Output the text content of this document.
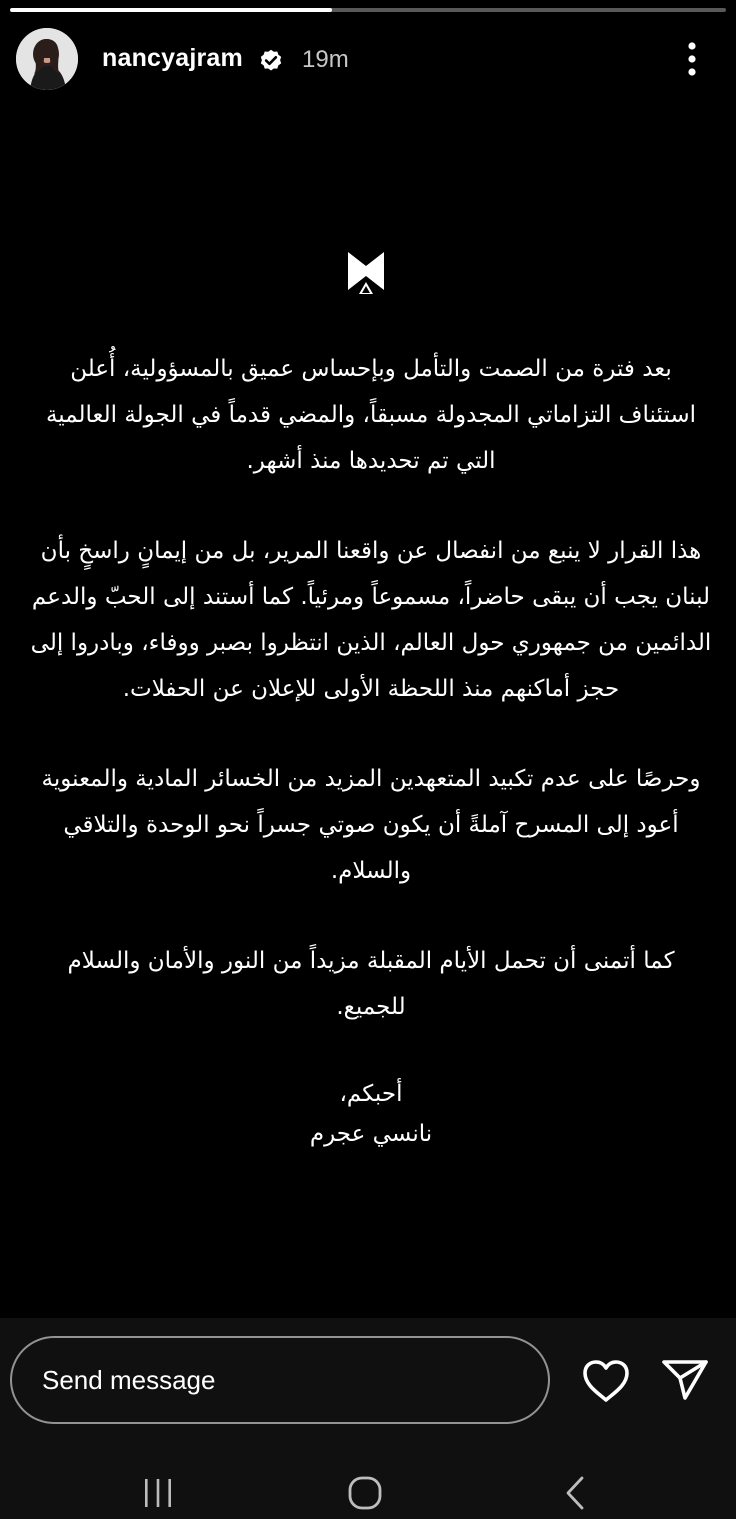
nancyajram 19m

بعد فترة من الصمت والتأمل وبإحساس عميق بالمسؤولية، أُعلن استئناف التزاماتي المجدولة مسبقاً، والمضي قدماً في الجولة العالمية التي تم تحديدها منذ أشهر.

هذا القرار لا ينبع من انفصال عن واقعنا المرير، بل من إيمانٍ راسخٍ بأن لبنان يجب أن يبقى حاضراً، مسموعاً ومرئياً. كما أستند إلى الحبّ والدعم الدائمين من جمهوري حول العالم، الذين انتظروا بصبر ووفاء، وبادروا إلى حجز أماكنهم منذ اللحظة الأولى للإعلان عن الحفلات.

وحرصًا على عدم تكبيد المتعهدين المزيد من الخسائر المادية والمعنوية أعود إلى المسرح آملةً أن يكون صوتي جسراً نحو الوحدة والتلاقي والسلام.

كما أتمنى أن تحمل الأيام المقبلة مزيداً من النور والأمان والسلام للجميع.

أحبكم،

نانسي عجرم

Send message
